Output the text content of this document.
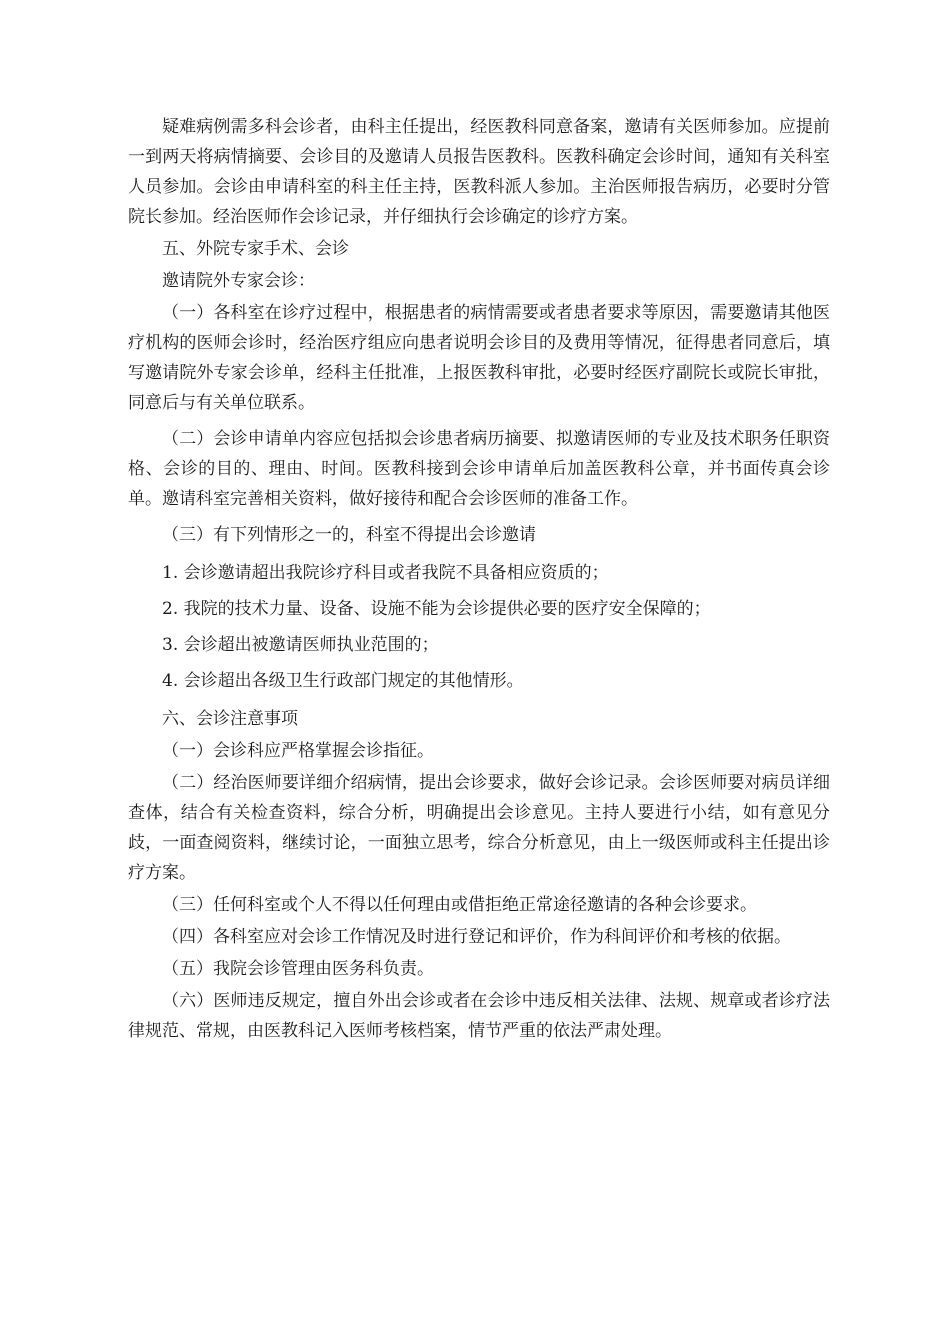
疑难病例需多科会诊者，由科主任提出，经医教科同意备案，邀请有关医师参加。应提前一到两天将病情摘要、会诊目的及邀请人员报告医教科。医教科确定会诊时间，通知有关科室人员参加。会诊由申请科室的科主任主持，医教科派人参加。主治医师报告病历，必要时分管院长参加。经治医师作会诊记录，并仔细执行会诊确定的诊疗方案。

五、外院专家手术、会诊

邀请院外专家会诊：

（一）各科室在诊疗过程中，根据患者的病情需要或者患者要求等原因，需要邀请其他医疗机构的医师会诊时，经治医疗组应向患者说明会诊目的及费用等情况，征得患者同意后，填写邀请院外专家会诊单，经科主任批准，上报医教科审批，必要时经医疗副院长或院长审批，同意后与有关单位联系。

（二）会诊申请单内容应包括拟会诊患者病历摘要、拟邀请医师的专业及技术职务任职资格、会诊的目的、理由、时间。医教科接到会诊申请单后加盖医教科公章，并书面传真会诊单。邀请科室完善相关资料，做好接待和配合会诊医师的准备工作。

（三）有下列情形之一的，科室不得提出会诊邀请

1. 会诊邀请超出我院诊疗科目或者我院不具备相应资质的；

2. 我院的技术力量、设备、设施不能为会诊提供必要的医疗安全保障的；

3. 会诊超出被邀请医师执业范围的；

4. 会诊超出各级卫生行政部门规定的其他情形。

六、会诊注意事项

（一）会诊科应严格掌握会诊指征。

（二）经治医师要详细介绍病情，提出会诊要求，做好会诊记录。会诊医师要对病员详细查体，结合有关检查资料，综合分析，明确提出会诊意见。主持人要进行小结，如有意见分歧，一面查阅资料，继续讨论，一面独立思考，综合分析意见，由上一级医师或科主任提出诊疗方案。

（三）任何科室或个人不得以任何理由或借拒绝正常途径邀请的各种会诊要求。

（四）各科室应对会诊工作情况及时进行登记和评价，作为科间评价和考核的依据。

（五）我院会诊管理由医务科负责。

（六）医师违反规定，擅自外出会诊或者在会诊中违反相关法律、法规、规章或者诊疗法律规范、常规，由医教科记入医师考核档案，情节严重的依法严肃处理。
